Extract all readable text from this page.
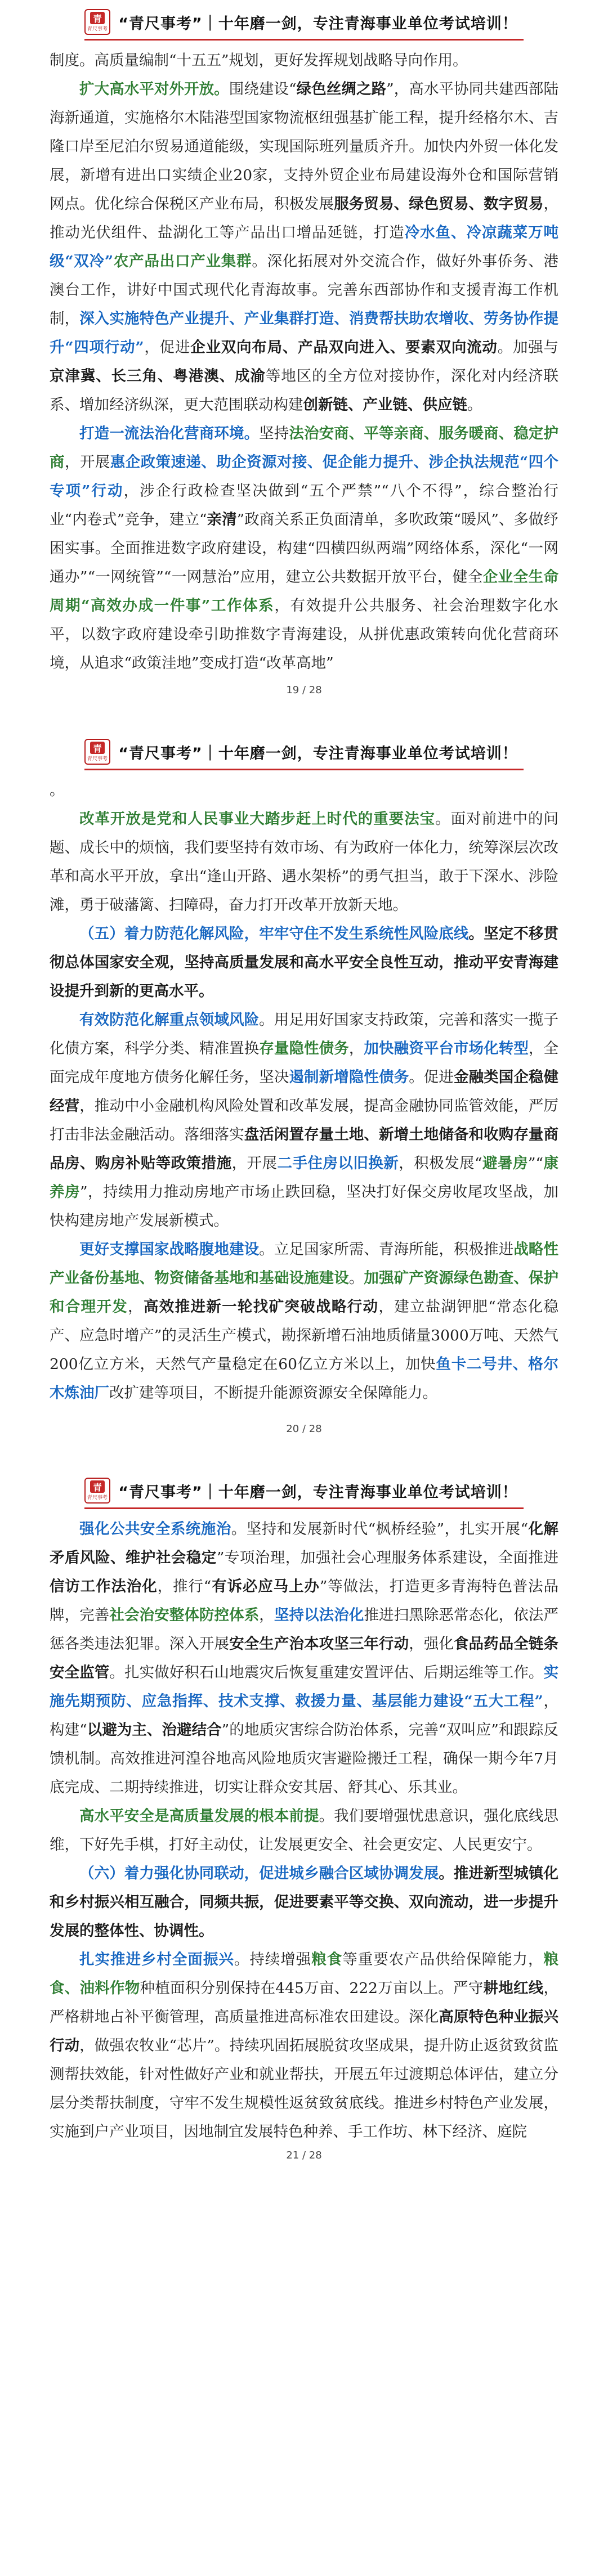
青
青尺事考 “青尺事考”｜十年磨一剑，专注青海事业单位考试培训！

制度。高质量编制“十五五”规划，更好发挥规划战略导向作用。

扩大高水平对外开放。围绕建设“绿色丝绸之路”，高水平协同共建西部陆海新通道，实施格尔木陆港型国家物流枢纽强基扩能工程，提升经格尔木、吉隆口岸至尼泊尔贸易通道能级，实现国际班列量质齐升。加快内外贸一体化发展，新增有进出口实绩企业20家，支持外贸企业布局建设海外仓和国际营销网点。优化综合保税区产业布局，积极发展服务贸易、绿色贸易、数字贸易，推动光伏组件、盐湖化工等产品出口增品延链，打造冷水鱼、冷凉蔬菜万吨级“双冷”农产品出口产业集群。深化拓展对外交流合作，做好外事侨务、港澳台工作，讲好中国式现代化青海故事。完善东西部协作和支援青海工作机制，深入实施特色产业提升、产业集群打造、消费帮扶助农增收、劳务协作提升“四项行动”，促进企业双向布局、产品双向进入、要素双向流动。加强与京津冀、长三角、粤港澳、成渝等地区的全方位对接协作，深化对内经济联系、增加经济纵深，更大范围联动构建创新链、产业链、供应链。

打造一流法治化营商环境。坚持法治安商、平等亲商、服务暖商、稳定护商，开展惠企政策速递、助企资源对接、促企能力提升、涉企执法规范“四个专项”行动，涉企行政检查坚决做到“五个严禁”“八个不得”，综合整治行业“内卷式”竞争，建立“亲清”政商关系正负面清单，多吹政策“暖风”、多做纾困实事。全面推进数字政府建设，构建“四横四纵两端”网络体系，深化“一网通办”“一网统管”“一网慧治”应用，建立公共数据开放平台，健全企业全生命周期“高效办成一件事”工作体系，有效提升公共服务、社会治理数字化水平，以数字政府建设牵引助推数字青海建设，从拼优惠政策转向优化营商环境，从追求“政策洼地”变成打造“改革高地”

19 / 28
青
青尺事考 “青尺事考”｜十年磨一剑，专注青海事业单位考试培训！

。

改革开放是党和人民事业大踏步赶上时代的重要法宝。面对前进中的问题、成长中的烦恼，我们要坚持有效市场、有为政府一体化力，统筹深层次改革和高水平开放，拿出“逢山开路、遇水架桥”的勇气担当，敢于下深水、涉险滩，勇于破藩篱、扫障碍，奋力打开改革开放新天地。

（五）着力防范化解风险，牢牢守住不发生系统性风险底线。坚定不移贯彻总体国家安全观，坚持高质量发展和高水平安全良性互动，推动平安青海建设提升到新的更高水平。

有效防范化解重点领域风险。用足用好国家支持政策，完善和落实一揽子化债方案，科学分类、精准置换存量隐性债务，加快融资平台市场化转型，全面完成年度地方债务化解任务，坚决遏制新增隐性债务。促进金融类国企稳健经营，推动中小金融机构风险处置和改革发展，提高金融协同监管效能，严厉打击非法金融活动。落细落实盘活闲置存量土地、新增土地储备和收购存量商品房、购房补贴等政策措施，开展二手住房以旧换新，积极发展“避暑房”“康养房”，持续用力推动房地产市场止跌回稳，坚决打好保交房收尾攻坚战，加快构建房地产发展新模式。

更好支撑国家战略腹地建设。立足国家所需、青海所能，积极推进战略性产业备份基地、物资储备基地和基础设施建设。加强矿产资源绿色勘查、保护和合理开发，高效推进新一轮找矿突破战略行动，建立盐湖钾肥“常态化稳产、应急时增产”的灵活生产模式，勘探新增石油地质储量3000万吨、天然气200亿立方米，天然气产量稳定在60亿立方米以上，加快鱼卡二号井、格尔木炼油厂改扩建等项目，不断提升能源资源安全保障能力。

20 / 28
青
青尺事考 “青尺事考”｜十年磨一剑，专注青海事业单位考试培训！

强化公共安全系统施治。坚持和发展新时代“枫桥经验”，扎实开展“化解矛盾风险、维护社会稳定”专项治理，加强社会心理服务体系建设，全面推进信访工作法治化，推行“有诉必应马上办”等做法，打造更多青海特色普法品牌，完善社会治安整体防控体系，坚持以法治化推进扫黑除恶常态化，依法严惩各类违法犯罪。深入开展安全生产治本攻坚三年行动，强化食品药品全链条安全监管。扎实做好积石山地震灾后恢复重建安置评估、后期运维等工作。实施先期预防、应急指挥、技术支撑、救援力量、基层能力建设“五大工程”，构建“以避为主、治避结合”的地质灾害综合防治体系，完善“双叫应”和跟踪反馈机制。高效推进河湟谷地高风险地质灾害避险搬迁工程，确保一期今年7月底完成、二期持续推进，切实让群众安其居、舒其心、乐其业。

高水平安全是高质量发展的根本前提。我们要增强忧患意识，强化底线思维，下好先手棋，打好主动仗，让发展更安全、社会更安定、人民更安宁。

（六）着力强化协同联动，促进城乡融合区域协调发展。推进新型城镇化和乡村振兴相互融合，同频共振，促进要素平等交换、双向流动，进一步提升发展的整体性、协调性。

扎实推进乡村全面振兴。持续增强粮食等重要农产品供给保障能力，粮食、油料作物种植面积分别保持在445万亩、222万亩以上。严守耕地红线，严格耕地占补平衡管理，高质量推进高标准农田建设。深化高原特色种业振兴行动，做强农牧业“芯片”。持续巩固拓展脱贫攻坚成果，提升防止返贫致贫监测帮扶效能，针对性做好产业和就业帮扶，开展五年过渡期总体评估，建立分层分类帮扶制度，守牢不发生规模性返贫致贫底线。推进乡村特色产业发展，实施到户产业项目，因地制宜发展特色种养、手工作坊、林下经济、庭院

21 / 28
